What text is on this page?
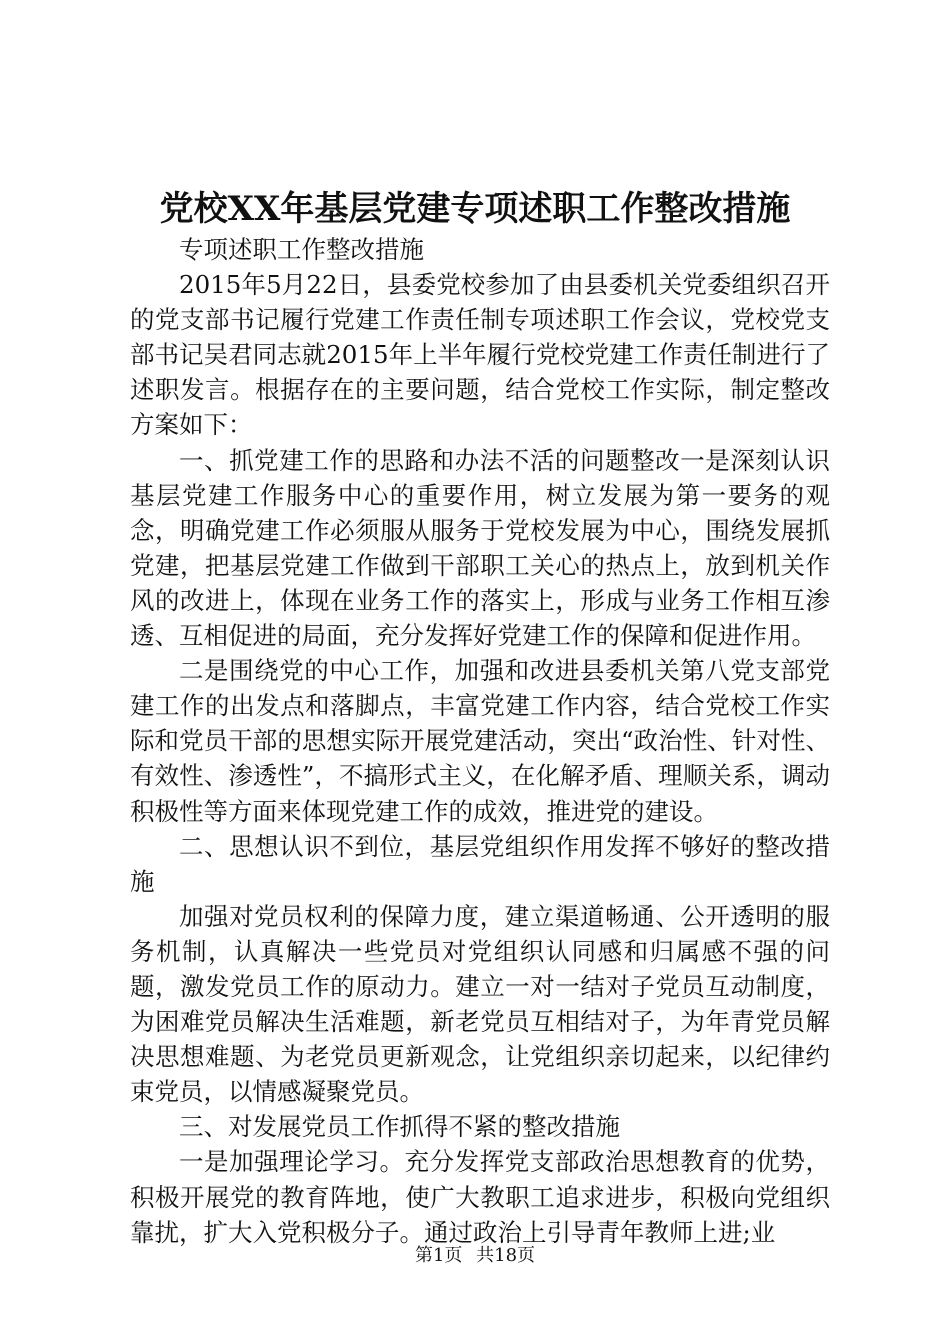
党校XX年基层党建专项述职工作整改措施

专项述职工作整改措施

2015年5月22日，县委党校参加了由县委机关党委组织召开的党支部书记履行党建工作责任制专项述职工作会议，党校党支部书记吴君同志就2015年上半年履行党校党建工作责任制进行了述职发言。根据存在的主要问题，结合党校工作实际，制定整改方案如下：

一、抓党建工作的思路和办法不活的问题整改一是深刻认识基层党建工作服务中心的重要作用，树立发展为第一要务的观念，明确党建工作必须服从服务于党校发展为中心，围绕发展抓党建，把基层党建工作做到干部职工关心的热点上，放到机关作风的改进上，体现在业务工作的落实上，形成与业务工作相互渗透、互相促进的局面，充分发挥好党建工作的保障和促进作用。

二是围绕党的中心工作，加强和改进县委机关第八党支部党建工作的出发点和落脚点，丰富党建工作内容，结合党校工作实际和党员干部的思想实际开展党建活动，突出“政治性、针对性、有效性、渗透性”，不搞形式主义，在化解矛盾、理顺关系，调动积极性等方面来体现党建工作的成效，推进党的建设。

二、思想认识不到位，基层党组织作用发挥不够好的整改措施

加强对党员权利的保障力度，建立渠道畅通、公开透明的服务机制，认真解决一些党员对党组织认同感和归属感不强的问题，激发党员工作的原动力。建立一对一结对子党员互动制度，为困难党员解决生活难题，新老党员互相结对子，为年青党员解决思想难题、为老党员更新观念，让党组织亲切起来，以纪律约束党员，以情感凝聚党员。

三、对发展党员工作抓得不紧的整改措施

一是加强理论学习。充分发挥党支部政治思想教育的优势，积极开展党的教育阵地，使广大教职工追求进步，积极向党组织靠扰，扩大入党积极分子。通过政治上引导青年教师上进;业

第1页 共18页
